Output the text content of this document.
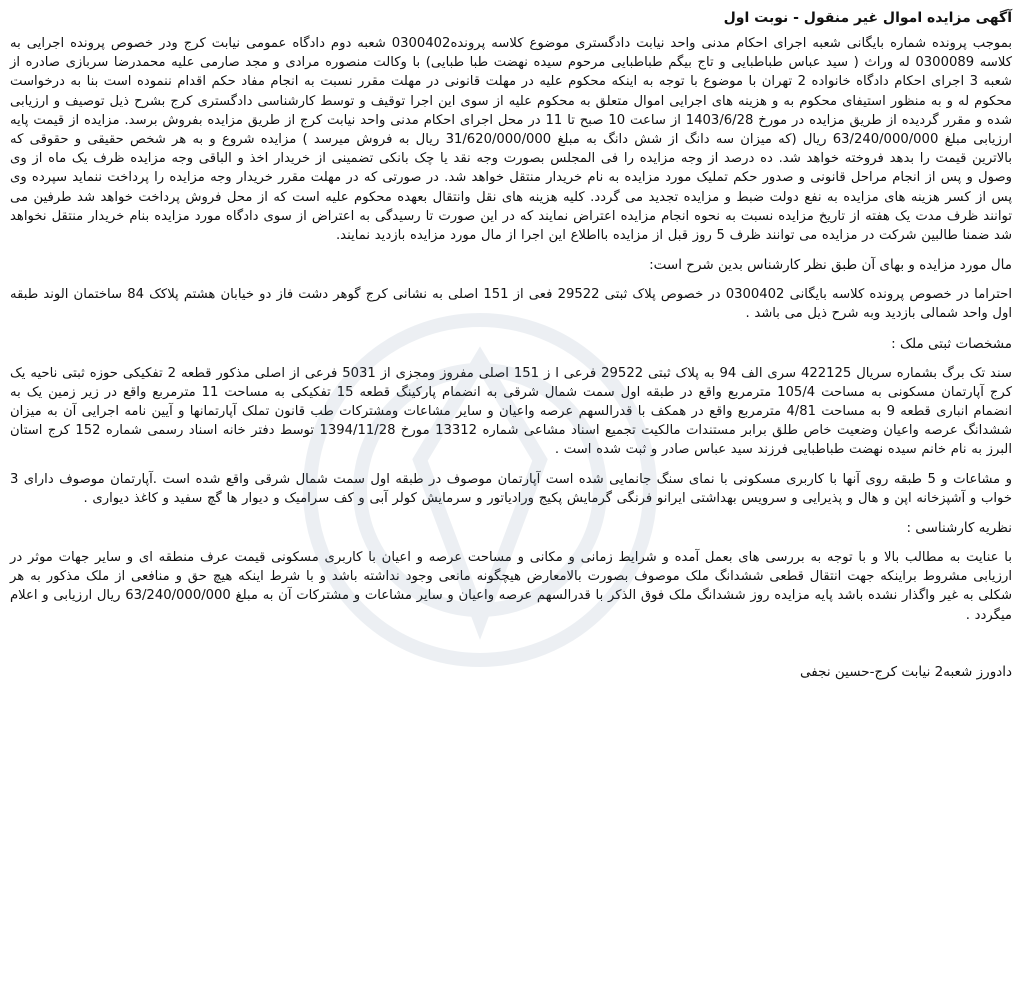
آگهی مزایده اموال غیر منقول - نوبت اول

بموجب پرونده شماره بایگانی شعبه اجرای احکام مدنی واحد نیابت دادگستری موضوع کلاسه پرونده0300402 شعبه دوم دادگاه عمومی نیابت کرج ودر خصوص پرونده اجرایی به کلاسه 0300089 له وراث ( سید عباس طباطبایی و تاج بیگم طباطبایی مرحوم سیده نهضت طبا طبایی) با وکالت منصوره مرادی و مجد صارمی علیه محمدرضا سربازی صادره از شعبه 3 اجرای احکام دادگاه خانواده 2 تهران با موضوع با توجه به اینکه محکوم علیه در مهلت قانونی در مهلت مقرر نسبت به انجام مفاد حکم اقدام ننموده است بنا به درخواست محکوم له و به منظور استیفای محکوم به و هزینه های اجرایی اموال متعلق به محکوم علیه از سوی این اجرا توقیف و توسط کارشناسی دادگستری کرج بشرح ذیل توصیف و ارزیابی شده و مقرر گردیده از طریق مزایده در مورخ 1403/6/28 از ساعت 10 صبح تا 11 در محل اجرای احکام مدنی واحد نیابت کرج از طریق مزایده بفروش برسد. مزایده از قیمت پایه ارزیابی مبلغ 63/240/000/000 ریال (که میزان سه دانگ از شش دانگ به مبلغ 31/620/000/000 ریال به فروش میرسد ) مزایده شروع و به هر شخص حقیقی و حقوقی که بالاترین قیمت را بدهد فروخته خواهد شد. ده درصد از وجه مزایده را فی المجلس بصورت وجه نقد یا چک بانکی تضمینی از خریدار اخذ و الباقی وجه مزایده ظرف یک ماه از وی وصول و پس از انجام مراحل قانونی و صدور حکم تملیک مورد مزایده به نام خریدار منتقل خواهد شد. در صورتی که در مهلت مقرر خریدار وجه مزایده را پرداخت ننماید سپرده وی پس از کسر هزینه های مزایده به نفع دولت ضبط و مزایده تجدید می گردد. کلیه هزینه های نقل وانتقال بعهده محکوم علیه است که از محل فروش پرداخت خواهد شد طرفین می توانند ظرف مدت یک هفته از تاریخ مزایده نسبت به نحوه انجام مزایده اعتراض نمایند که در این صورت تا رسیدگی به اعتراض از سوی دادگاه مورد مزایده بنام خریدار منتقل نخواهد شد ضمنا طالبین شرکت در مزایده می توانند ظرف 5 روز قبل از مزایده بااطلاع این اجرا از مال مورد مزایده بازدید نمایند.

مال مورد مزایده و بهای آن طبق نظر کارشناس بدین شرح است:

احتراما در خصوص پرونده کلاسه بایگانی 0300402 در خصوص پلاک ثبتی 29522 فعی از 151 اصلی به نشانی کرج گوهر دشت فاز دو خیابان هشتم پلاکک 84 ساختمان الوند طبقه اول واحد شمالی بازدید وبه شرح ذیل می باشد .

مشخصات ثبتی ملک :

سند تک برگ بشماره سریال 422125 سری الف 94 به پلاک ثبتی 29522 فرعی ا ز 151 اصلی مفروز ومجزی از 5031 فرعی از اصلی مذکور قطعه 2 تفکیکی حوزه ثبتی ناحیه یک کرج آپارتمان مسکونی به مساحت 105/4 مترمربع واقع در طبقه اول سمت شمال شرقی به انضمام پارکینگ قطعه 15 تفکیکی به مساحت 11 مترمربع واقع در زیر زمین یک به انضمام انباری قطعه 9 به مساحت 4/81 مترمربع واقع در همکف با قدرالسهم عرصه واعیان و سایر مشاعات ومشترکات طب قانون تملک آپارتمانها و آیین نامه اجرایی آن به میزان ششدانگ عرصه واعیان وضعیت خاص طلق برابر مستندات مالکیت تجمیع اسناد مشاعی شماره 13312 مورخ 1394/11/28 توسط دفتر خانه اسناد رسمی شماره 152 کرج استان البرز به نام خانم سیده نهضت طباطبایی فرزند سید عباس صادر و ثبت شده است .

و مشاعات و 5 طبقه روی آنها با کاربری مسکونی با نمای سنگ جانمایی شده است آپارتمان موصوف در طبقه اول سمت شمال شرقی واقع شده است .آپارتمان موصوف دارای 3 خواب و آشپزخانه اپن و هال و پذیرایی و سرویس بهداشتی ایرانو فرنگی گرمایش پکیج ورادیاتور و سرمایش کولر آبی و کف سرامیک و دیوار ها گچ سفید و کاغذ دیواری .

نظریه کارشناسی :

با عنایت به مطالب بالا و با توجه به بررسی های بعمل آمده و شرایط زمانی و مکانی و مساحت عرصه و اعیان با کاربری مسکونی قیمت عرف منطقه ای و سایر جهات موثر در ارزیابی مشروط براینکه جهت انتقال قطعی ششدانگ ملک موصوف بصورت بالامعارض هیچگونه مانعی وجود نداشته باشد و با شرط اینکه هیچ حق و منافعی از ملک مذکور به هر شکلی به غیر واگذار نشده باشد پایه مزایده روز ششدانگ ملک فوق الذکر با قدرالسهم عرصه واعیان و سایر مشاعات و مشترکات آن به مبلغ 63/240/000/000 ریال ارزیابی و اعلام میگردد .

دادورز شعبه2 نیابت کرج-حسین نجفی
